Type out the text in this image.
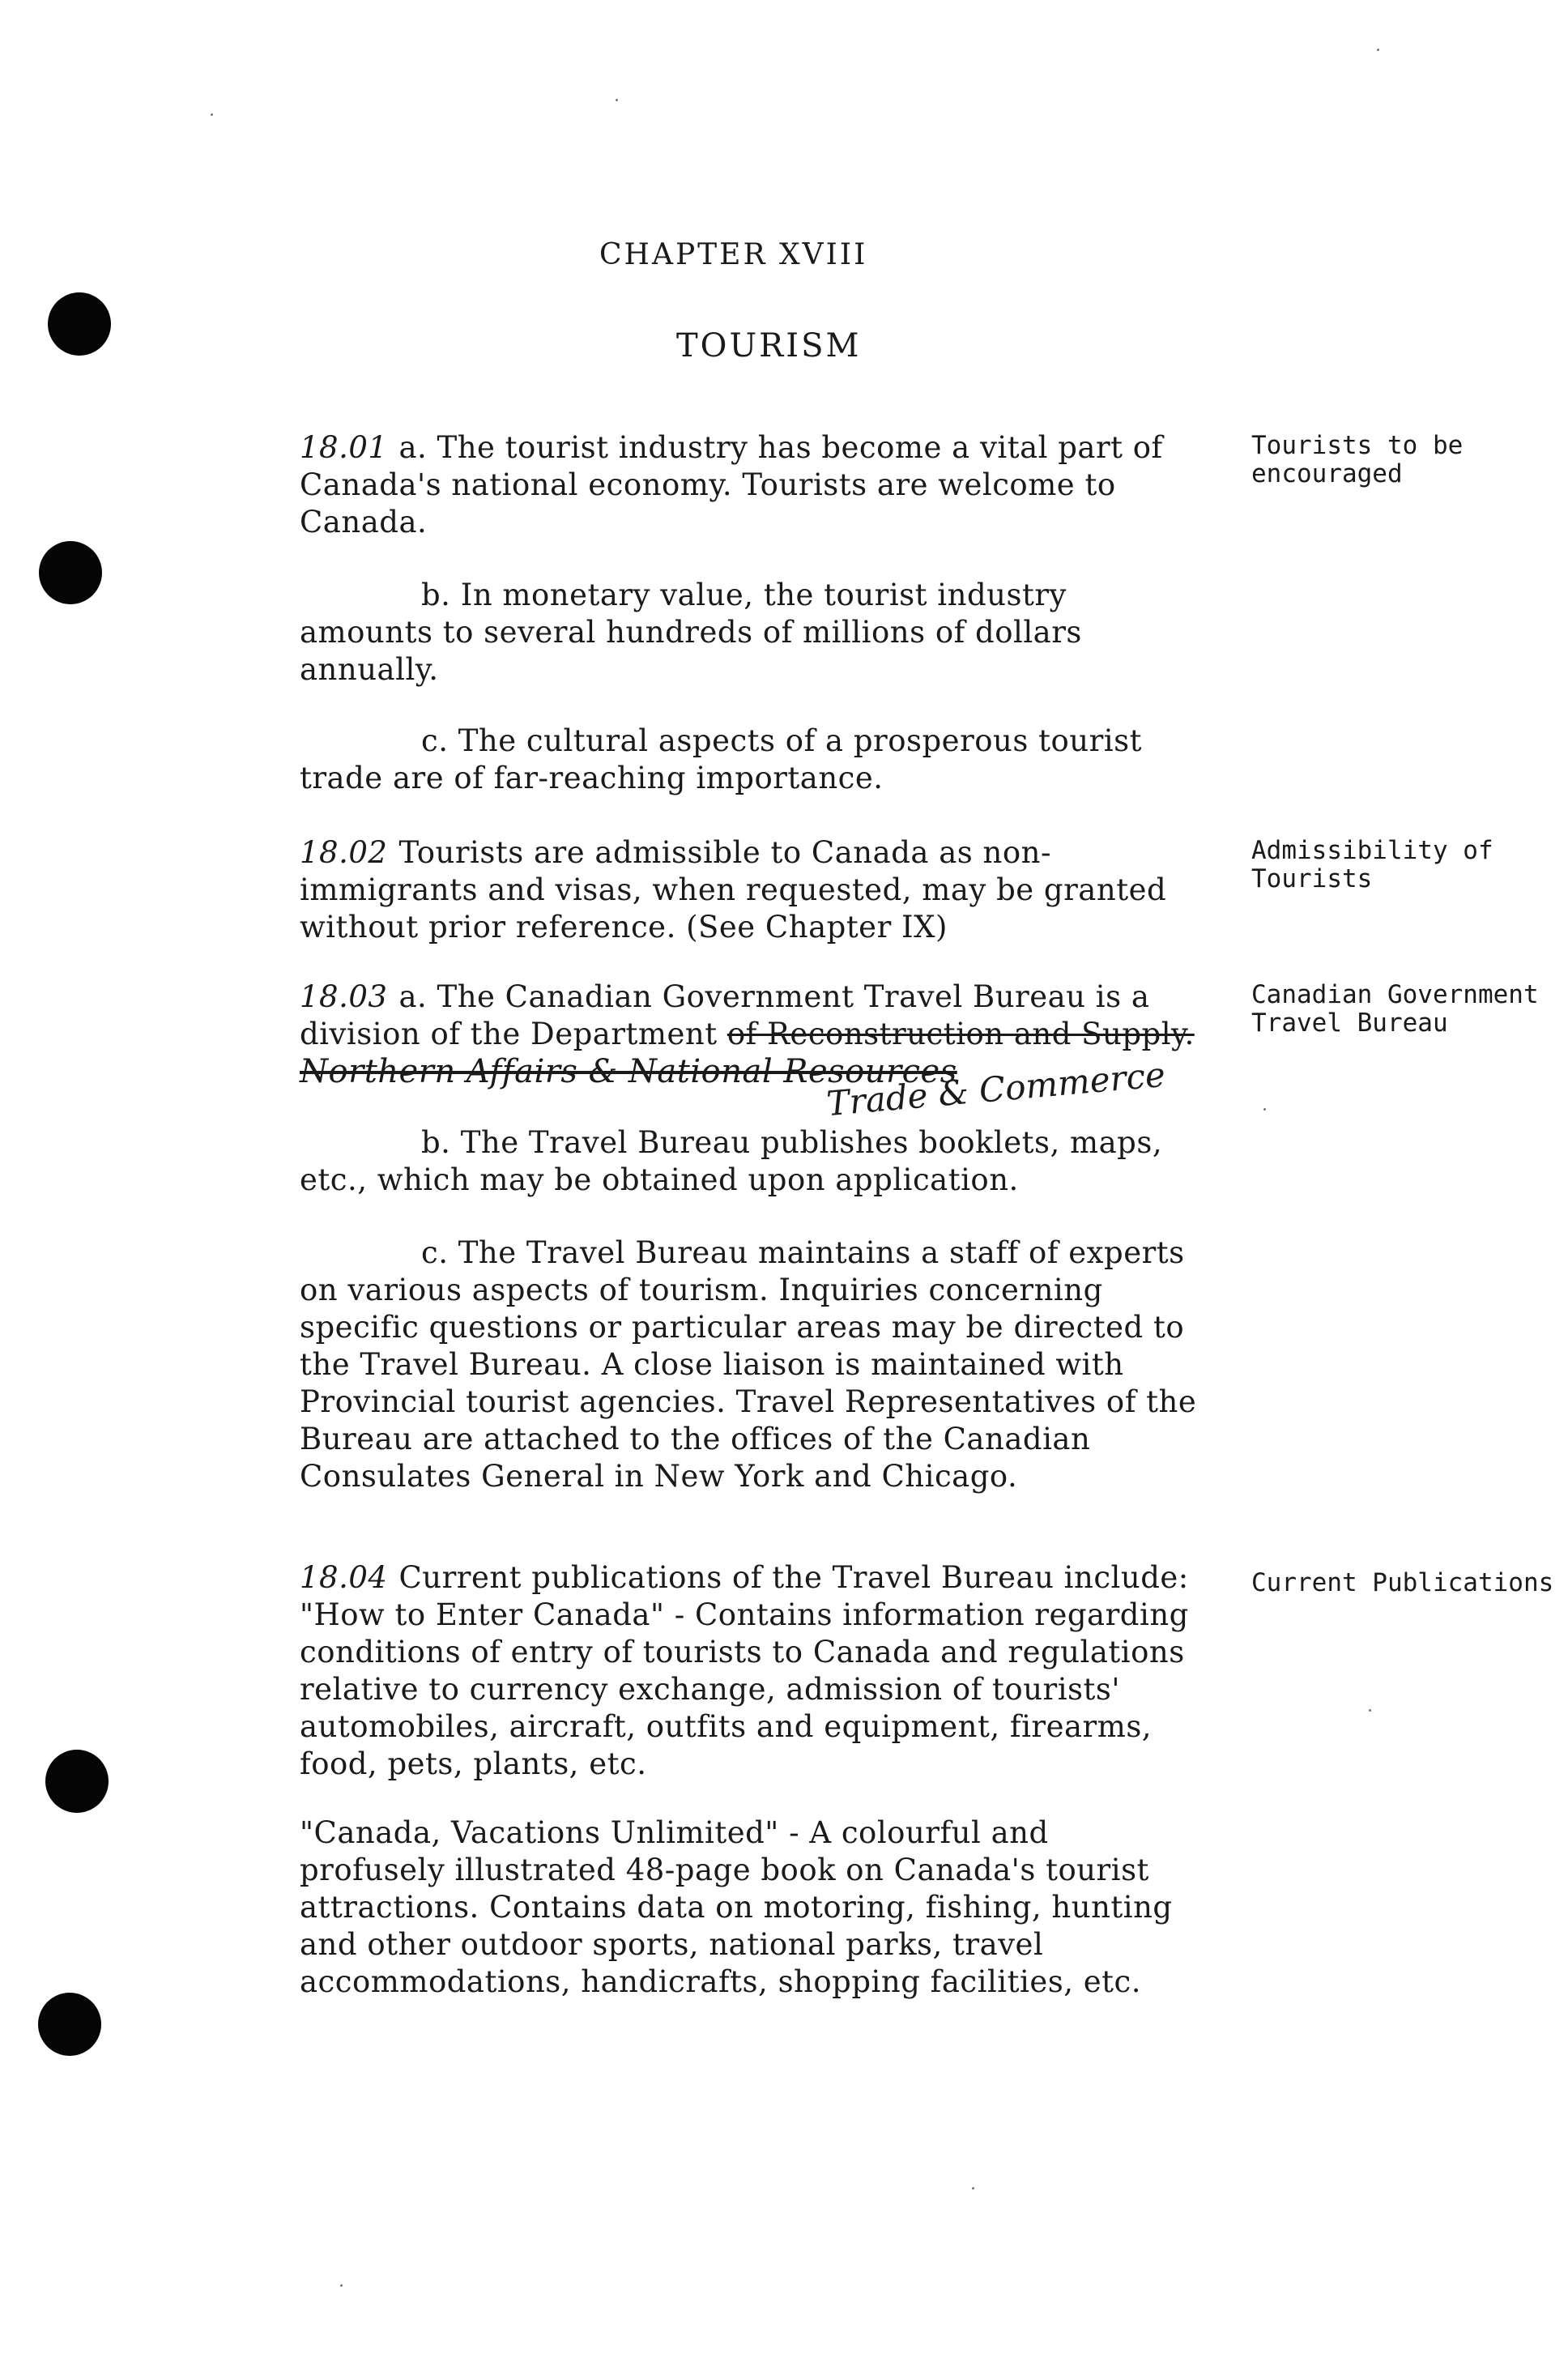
CHAPTER XVIII
TOURISM
18.01 a. The tourist industry has become a vital part of Canada's national economy. Tourists are welcome to Canada.
Tourists to be encouraged
b. In monetary value, the tourist industry amounts to several hundreds of millions of dollars annually.
c. The cultural aspects of a prosperous tourist trade are of far-reaching importance.
18.02 Tourists are admissible to Canada as non-immigrants and visas, when requested, may be granted without prior reference. (See Chapter IX)
Admissibility of Tourists
18.03 a. The Canadian Government Travel Bureau is a division of the Department of Reconstruction and Supply. Northern Affairs & National Resources
Trade & Commerce
Canadian Government Travel Bureau
b. The Travel Bureau publishes booklets, maps, etc., which may be obtained upon application.
c. The Travel Bureau maintains a staff of experts on various aspects of tourism. Inquiries concerning specific questions or particular areas may be directed to the Travel Bureau. A close liaison is maintained with Provincial tourist agencies. Travel Representatives of the Bureau are attached to the offices of the Canadian Consulates General in New York and Chicago.
18.04 Current publications of the Travel Bureau include: "How to Enter Canada" - Contains information regarding conditions of entry of tourists to Canada and regulations relative to currency exchange, admission of tourists' automobiles, aircraft, outfits and equipment, firearms, food, pets, plants, etc.
Current Publications
"Canada, Vacations Unlimited" - A colourful and profusely illustrated 48-page book on Canada's tourist attractions. Contains data on motoring, fishing, hunting and other outdoor sports, national parks, travel accommodations, handicrafts, shopping facilities, etc.
